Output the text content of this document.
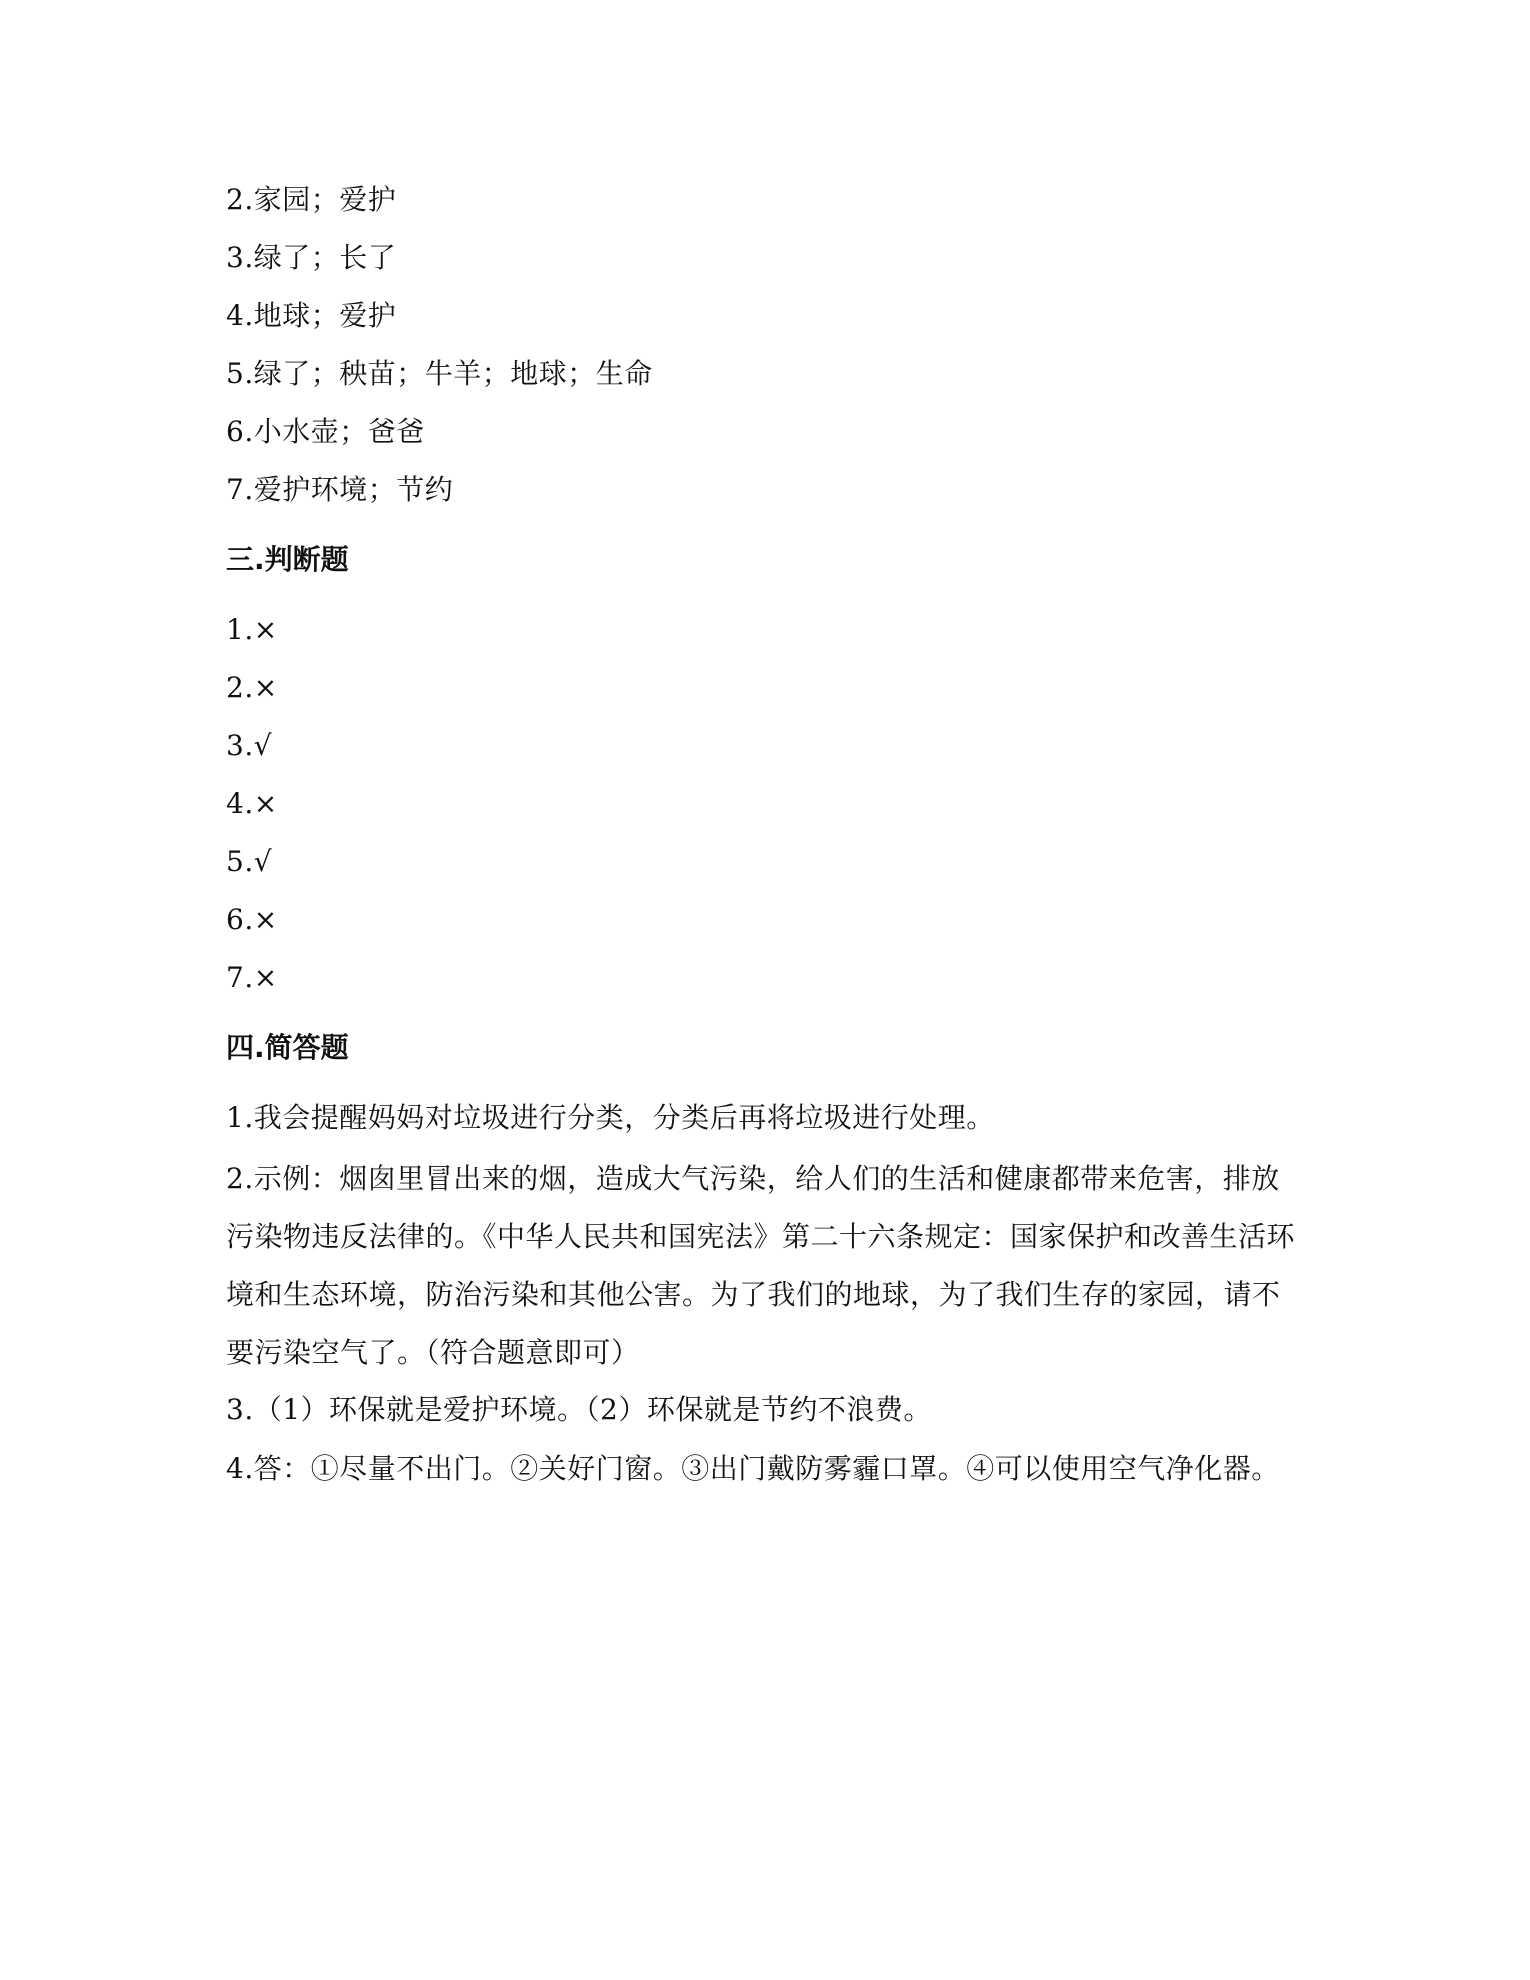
2.家园；爱护
3.绿了；长了
4.地球；爱护
5.绿了；秧苗；牛羊；地球；生命
6.小水壶；爸爸
7.爱护环境；节约
三.判断题
1.×
2.×
3.√
4.×
5.√
6.×
7.×
四.简答题
1.我会提醒妈妈对垃圾进行分类，分类后再将垃圾进行处理。
2.示例：烟囱里冒出来的烟，造成大气污染，给人们的生活和健康都带来危害，排放污染物违反法律的。《中华人民共和国宪法》第二十六条规定：国家保护和改善生活环境和生态环境，防治污染和其他公害。为了我们的地球，为了我们生存的家园，请不要污染空气了。（符合题意即可）
3.（1）环保就是爱护环境。（2）环保就是节约不浪费。
4.答：①尽量不出门。②关好门窗。③出门戴防雾霾口罩。④可以使用空气净化器。
